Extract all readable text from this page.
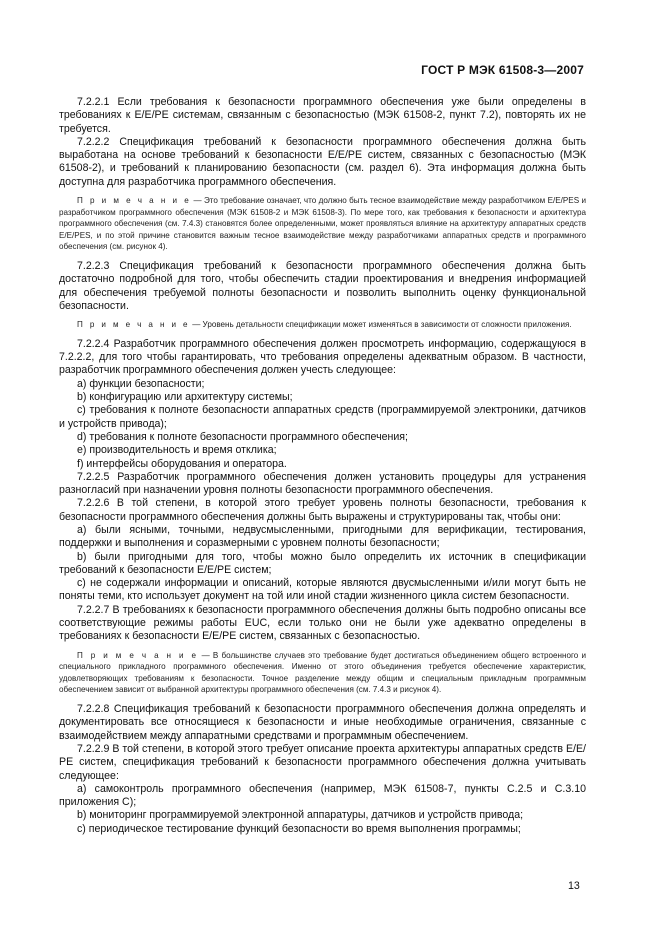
ГОСТ Р МЭК 61508-3—2007

7.2.2.1 Если требования к безопасности программного обеспечения уже были определены в требованиях к Е/Е/РЕ системам, связанным с безопасностью (МЭК 61508-2, пункт 7.2), повторять их не требуется.

7.2.2.2 Спецификация требований к безопасности программного обеспечения должна быть выработана на основе требований к безопасности Е/Е/РЕ систем, связанных с безопасностью (МЭК 61508-2), и требований к планированию безопасности (см. раздел 6). Эта информация должна быть доступна для разработчика программного обеспечения.

П р и м е ч а н и е — Это требование означает, что должно быть тесное взаимодействие между разработчиком Е/Е/PES и разработчиком программного обеспечения (МЭК 61508-2 и МЭК 61508-3). По мере того, как требования к безопасности и архитектура программного обеспечения (см. 7.4.3) становятся более определенными, может проявляться влияние на архитектуру аппаратных средств Е/Е/PES, и по этой причине становится важным тесное взаимодействие между разработчиками аппаратных средств и программного обеспечения (см. рисунок 4).

7.2.2.3 Спецификация требований к безопасности программного обеспечения должна быть достаточно подробной для того, чтобы обеспечить стадии проектирования и внедрения информацией для обеспечения требуемой полноты безопасности и позволить выполнить оценку функциональной безопасности.

П р и м е ч а н и е — Уровень детальности спецификации может изменяться в зависимости от сложности приложения.

7.2.2.4 Разработчик программного обеспечения должен просмотреть информацию, содержащуюся в 7.2.2.2, для того чтобы гарантировать, что требования определены адекватным образом. В частности, разработчик программного обеспечения должен учесть следующее:

a) функции безопасности;

b) конфигурацию или архитектуру системы;

c) требования к полноте безопасности аппаратных средств (программируемой электроники, датчиков и устройств привода);

d) требования к полноте безопасности программного обеспечения;

e) производительность и время отклика;

f) интерфейсы оборудования и оператора.

7.2.2.5 Разработчик программного обеспечения должен установить процедуры для устранения разногласий при назначении уровня полноты безопасности программного обеспечения.

7.2.2.6 В той степени, в которой этого требует уровень полноты безопасности, требования к безопасности программного обеспечения должны быть выражены и структурированы так, чтобы они:

a) были ясными, точными, недвусмысленными, пригодными для верификации, тестирования, поддержки и выполнения и соразмерными с уровнем полноты безопасности;

b) были пригодными для того, чтобы можно было определить их источник в спецификации требований к безопасности Е/Е/РЕ систем;

c) не содержали информации и описаний, которые являются двусмысленными и/или могут быть не поняты теми, кто использует документ на той или иной стадии жизненного цикла систем безопасности.

7.2.2.7 В требованиях к безопасности программного обеспечения должны быть подробно описаны все соответствующие режимы работы EUC, если только они не были уже адекватно определены в требованиях к безопасности Е/Е/РЕ систем, связанных с безопасностью.

П р и м е ч а н и е — В большинстве случаев это требование будет достигаться объединением общего встроенного и специального прикладного программного обеспечения. Именно от этого объединения требуется обеспечение характеристик, удовлетворяющих требованиям к безопасности. Точное разделение между общим и специальным прикладным программным обеспечением зависит от выбранной архитектуры программного обеспечения (см. 7.4.3 и рисунок 4).

7.2.2.8 Спецификация требований к безопасности программного обеспечения должна определять и документировать все относящиеся к безопасности и иные необходимые ограничения, связанные с взаимодействием между аппаратными средствами и программным обеспечением.

7.2.2.9 В той степени, в которой этого требует описание проекта архитектуры аппаратных средств Е/Е/РЕ систем, спецификация требований к безопасности программного обеспечения должна учитывать следующее:

a) самоконтроль программного обеспечения (например, МЭК 61508-7, пункты С.2.5 и С.3.10 приложения С);

b) мониторинг программируемой электронной аппаратуры, датчиков и устройств привода;

c) периодическое тестирование функций безопасности во время выполнения программы;

13
